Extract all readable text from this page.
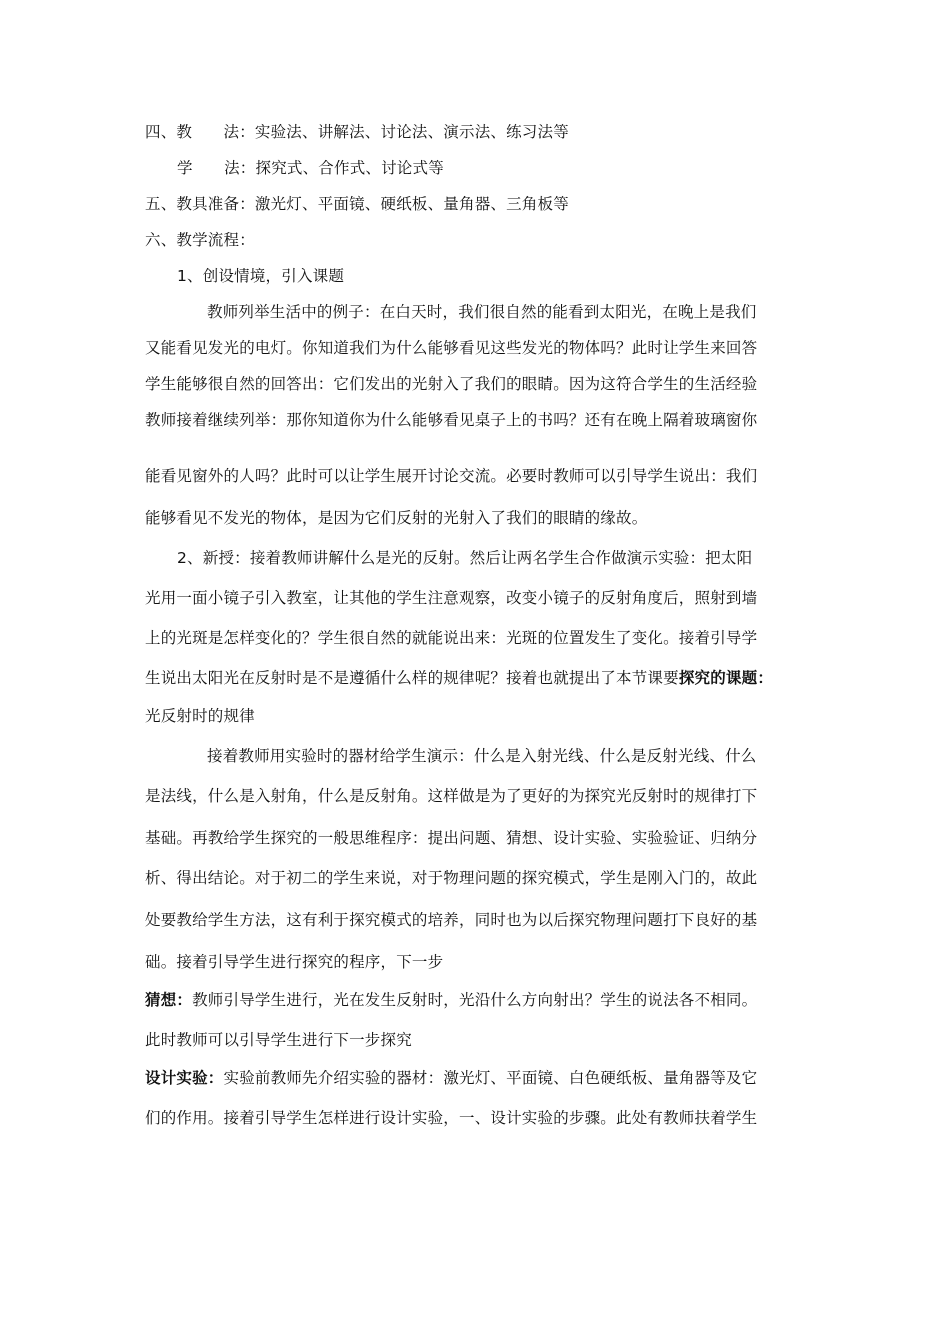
四、教　　法：实验法、讲解法、讨论法、演示法、练习法等
学　　法：探究式、合作式、讨论式等
五、教具准备：激光灯、平面镜、硬纸板、量角器、三角板等
六、教学流程：
1、创设情境，引入课题
教师列举生活中的例子：在白天时，我们很自然的能看到太阳光，在晚上是我们
又能看见发光的电灯。你知道我们为什么能够看见这些发光的物体吗？此时让学生来回答
学生能够很自然的回答出：它们发出的光射入了我们的眼睛。因为这符合学生的生活经验
教师接着继续列举：那你知道你为什么能够看见桌子上的书吗？还有在晚上隔着玻璃窗你
能看见窗外的人吗？此时可以让学生展开讨论交流。必要时教师可以引导学生说出：我们
能够看见不发光的物体，是因为它们反射的光射入了我们的眼睛的缘故。
2、新授：接着教师讲解什么是光的反射。然后让两名学生合作做演示实验：把太阳
光用一面小镜子引入教室，让其他的学生注意观察，改变小镜子的反射角度后，照射到墙
上的光斑是怎样变化的？学生很自然的就能说出来：光斑的位置发生了变化。接着引导学
生说出太阳光在反射时是不是遵循什么样的规律呢？接着也就提出了本节课要探究的课题：
光反射时的规律
接着教师用实验时的器材给学生演示：什么是入射光线、什么是反射光线、什么
是法线，什么是入射角，什么是反射角。这样做是为了更好的为探究光反射时的规律打下
基础。再教给学生探究的一般思维程序：提出问题、猜想、设计实验、实验验证、归纳分
析、得出结论。对于初二的学生来说，对于物理问题的探究模式，学生是刚入门的，故此
处要教给学生方法，这有利于探究模式的培养，同时也为以后探究物理问题打下良好的基
础。接着引导学生进行探究的程序，下一步
猜想：教师引导学生进行，光在发生反射时，光沿什么方向射出？学生的说法各不相同。
此时教师可以引导学生进行下一步探究
设计实验：实验前教师先介绍实验的器材：激光灯、平面镜、白色硬纸板、量角器等及它
们的作用。接着引导学生怎样进行设计实验，一、设计实验的步骤。此处有教师扶着学生
